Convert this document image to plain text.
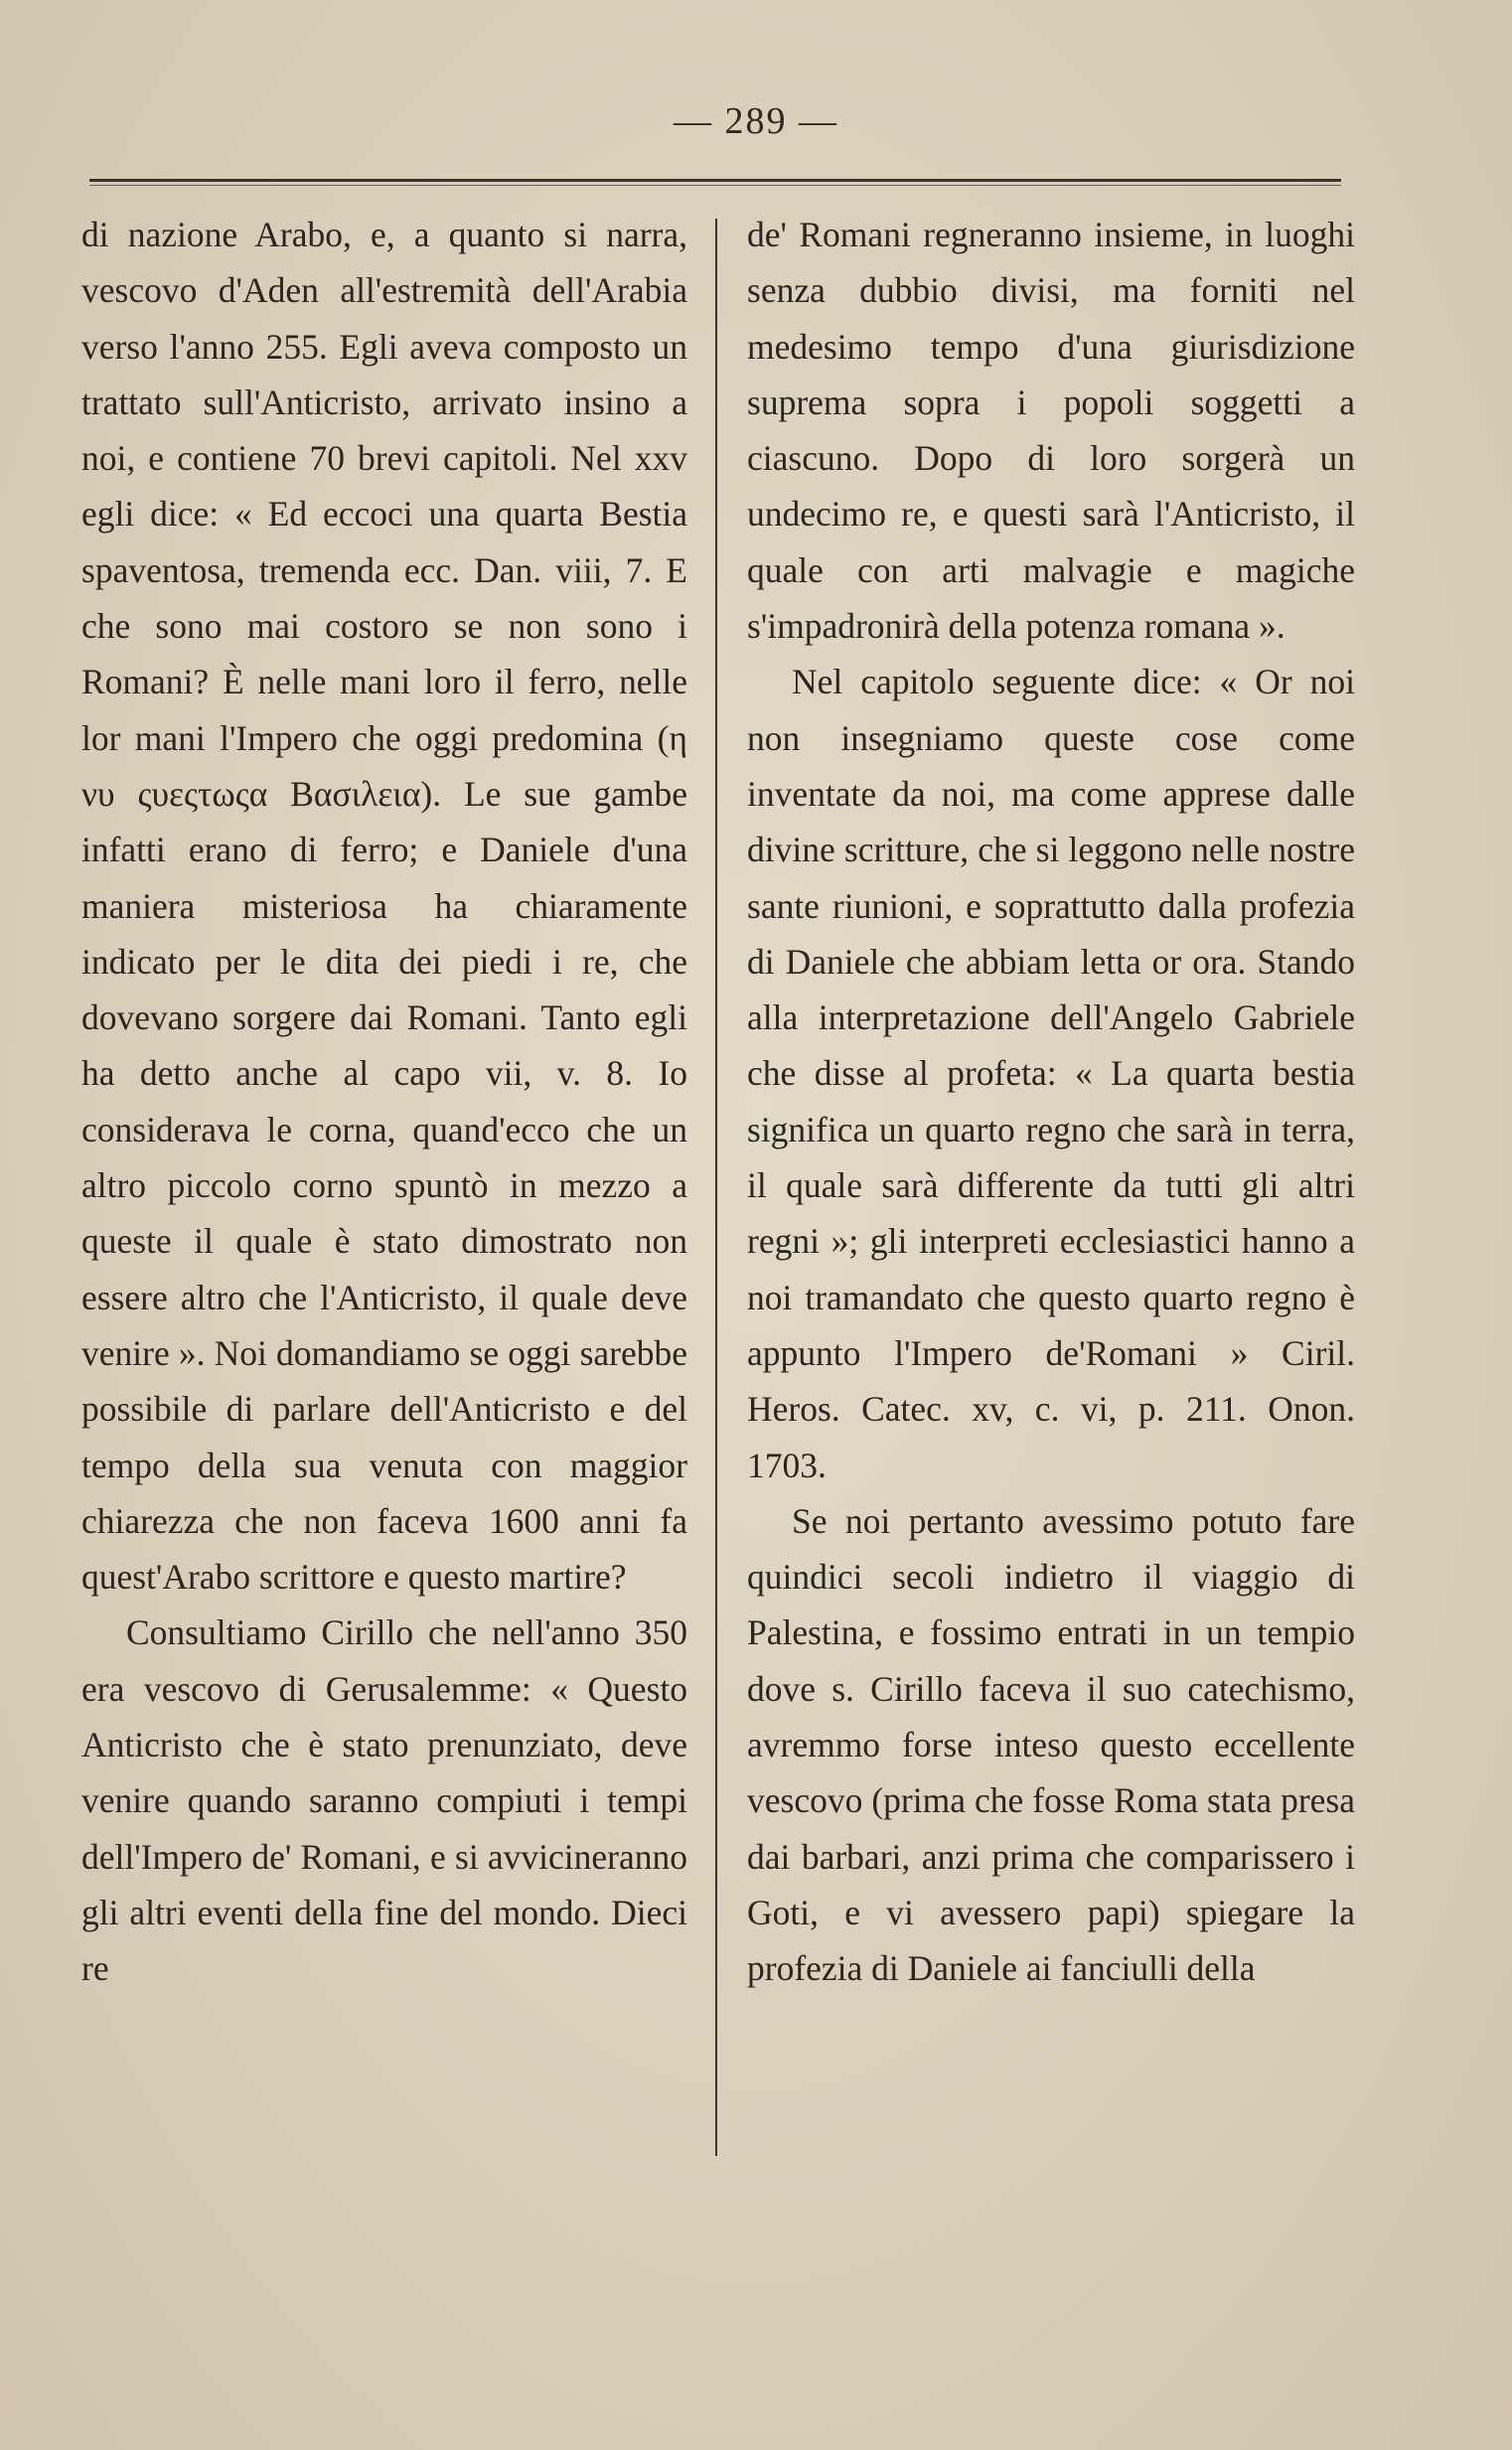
— 289 —

di nazione Arabo, e, a quanto si narra, vescovo d'Aden all'estremità dell'Arabia verso l'anno 255. Egli aveva composto un trattato sull'Anticristo, arrivato insino a noi, e contiene 70 brevi capitoli. Nel xxv egli dice: « Ed eccoci una quarta Bestia spaventosa, tremenda ecc. Dan. viii, 7. E che sono mai costoro se non sono i Romani? È nelle mani loro il ferro, nelle lor mani l'Impero che oggi predomina (η νυ ςυεςτωςα Βασιλεια). Le sue gambe infatti erano di ferro; e Daniele d'una maniera misteriosa ha chiaramente indicato per le dita dei piedi i re, che dovevano sorgere dai Romani. Tanto egli ha detto anche al capo vii, v. 8. Io considerava le corna, quand'ecco che un altro piccolo corno spuntò in mezzo a queste il quale è stato dimostrato non essere altro che l'Anticristo, il quale deve venire ». Noi domandiamo se oggi sarebbe possibile di parlare dell'Anticristo e del tempo della sua venuta con maggior chiarezza che non faceva 1600 anni fa quest'Arabo scrittore e questo martire?

Consultiamo Cirillo che nell'anno 350 era vescovo di Gerusalemme: « Questo Anticristo che è stato prenunziato, deve venire quando saranno compiuti i tempi dell'Impero de' Romani, e si avvicineranno gli altri eventi della fine del mondo. Dieci re

de' Romani regneranno insieme, in luoghi senza dubbio divisi, ma forniti nel medesimo tempo d'una giurisdizione suprema sopra i popoli soggetti a ciascuno. Dopo di loro sorgerà un undecimo re, e questi sarà l'Anticristo, il quale con arti malvagie e magiche s'impadronirà della potenza romana ».

Nel capitolo seguente dice: « Or noi non insegniamo queste cose come inventate da noi, ma come apprese dalle divine scritture, che si leggono nelle nostre sante riunioni, e soprattutto dalla profezia di Daniele che abbiam letta or ora. Stando alla interpretazione dell'Angelo Gabriele che disse al profeta: « La quarta bestia significa un quarto regno che sarà in terra, il quale sarà differente da tutti gli altri regni »; gli interpreti ecclesiastici hanno a noi tramandato che questo quarto regno è appunto l'Impero de'Romani » Ciril. Heros. Catec. xv, c. vi, p. 211. Onon. 1703.

Se noi pertanto avessimo potuto fare quindici secoli indietro il viaggio di Palestina, e fossimo entrati in un tempio dove s. Cirillo faceva il suo catechismo, avremmo forse inteso questo eccellente vescovo (prima che fosse Roma stata presa dai barbari, anzi prima che comparissero i Goti, e vi avessero papi) spiegare la profezia di Daniele ai fanciulli della
